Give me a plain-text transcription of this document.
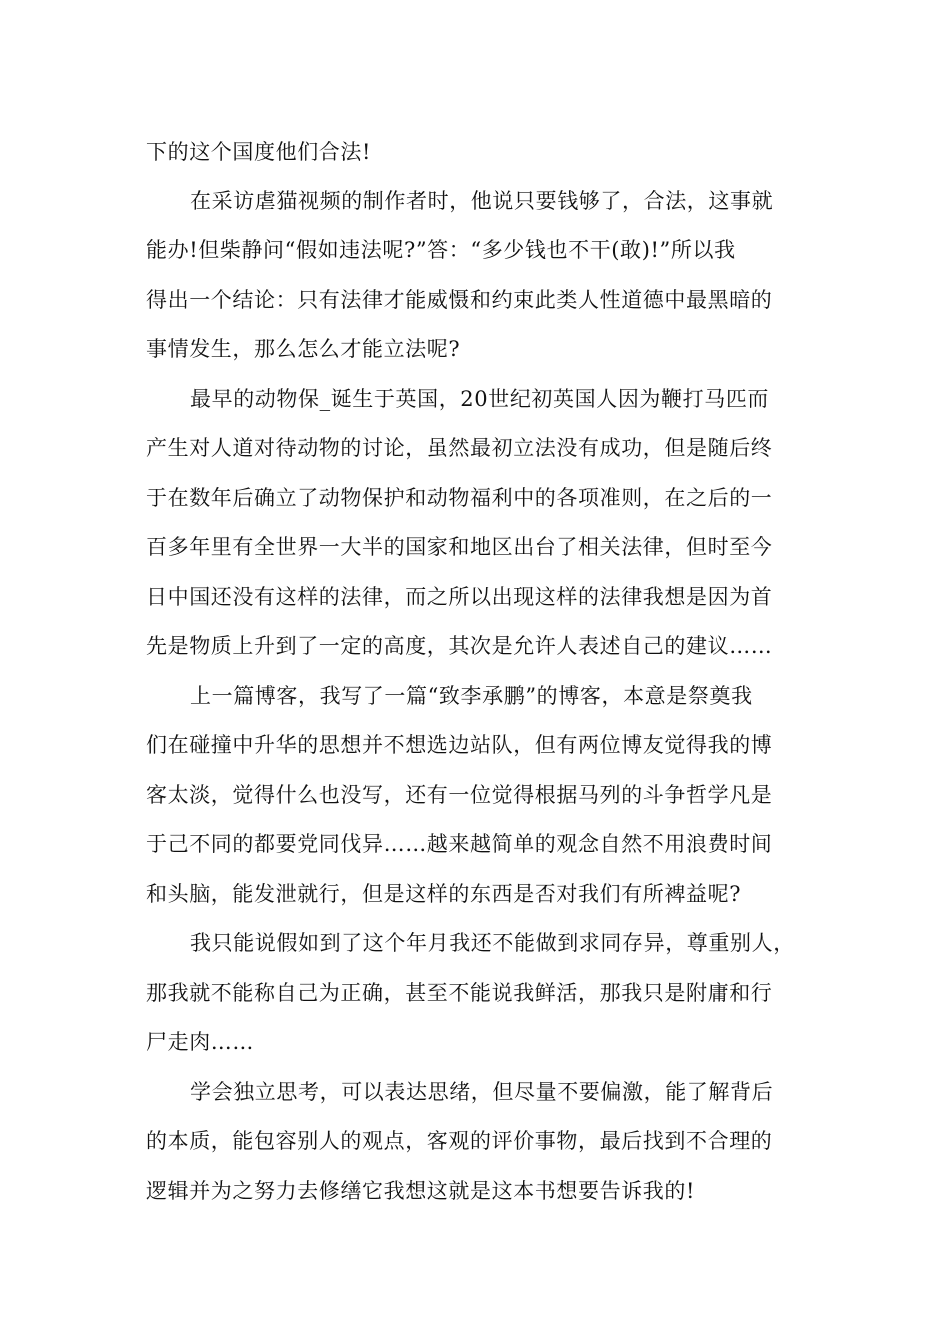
下的这个国度他们合法!
在采访虐猫视频的制作者时，他说只要钱够了，合法，这事就
能办!但柴静问“假如违法呢?”答：“多少钱也不干(敢)!”所以我
得出一个结论：只有法律才能威慑和约束此类人性道德中最黑暗的
事情发生，那么怎么才能立法呢?
最早的动物保_诞生于英国，20世纪初英国人因为鞭打马匹而
产生对人道对待动物的讨论，虽然最初立法没有成功，但是随后终
于在数年后确立了动物保护和动物福利中的各项准则，在之后的一
百多年里有全世界一大半的国家和地区出台了相关法律，但时至今
日中国还没有这样的法律，而之所以出现这样的法律我想是因为首
先是物质上升到了一定的高度，其次是允许人表述自己的建议……
上一篇博客，我写了一篇“致李承鹏”的博客，本意是祭奠我
们在碰撞中升华的思想并不想选边站队，但有两位博友觉得我的博
客太淡，觉得什么也没写，还有一位觉得根据马列的斗争哲学凡是
于己不同的都要党同伐异……越来越简单的观念自然不用浪费时间
和头脑，能发泄就行，但是这样的东西是否对我们有所裨益呢?
我只能说假如到了这个年月我还不能做到求同存异，尊重别人，
那我就不能称自己为正确，甚至不能说我鲜活，那我只是附庸和行
尸走肉……
学会独立思考，可以表达思绪，但尽量不要偏激，能了解背后
的本质，能包容别人的观点，客观的评价事物，最后找到不合理的
逻辑并为之努力去修缮它我想这就是这本书想要告诉我的!
